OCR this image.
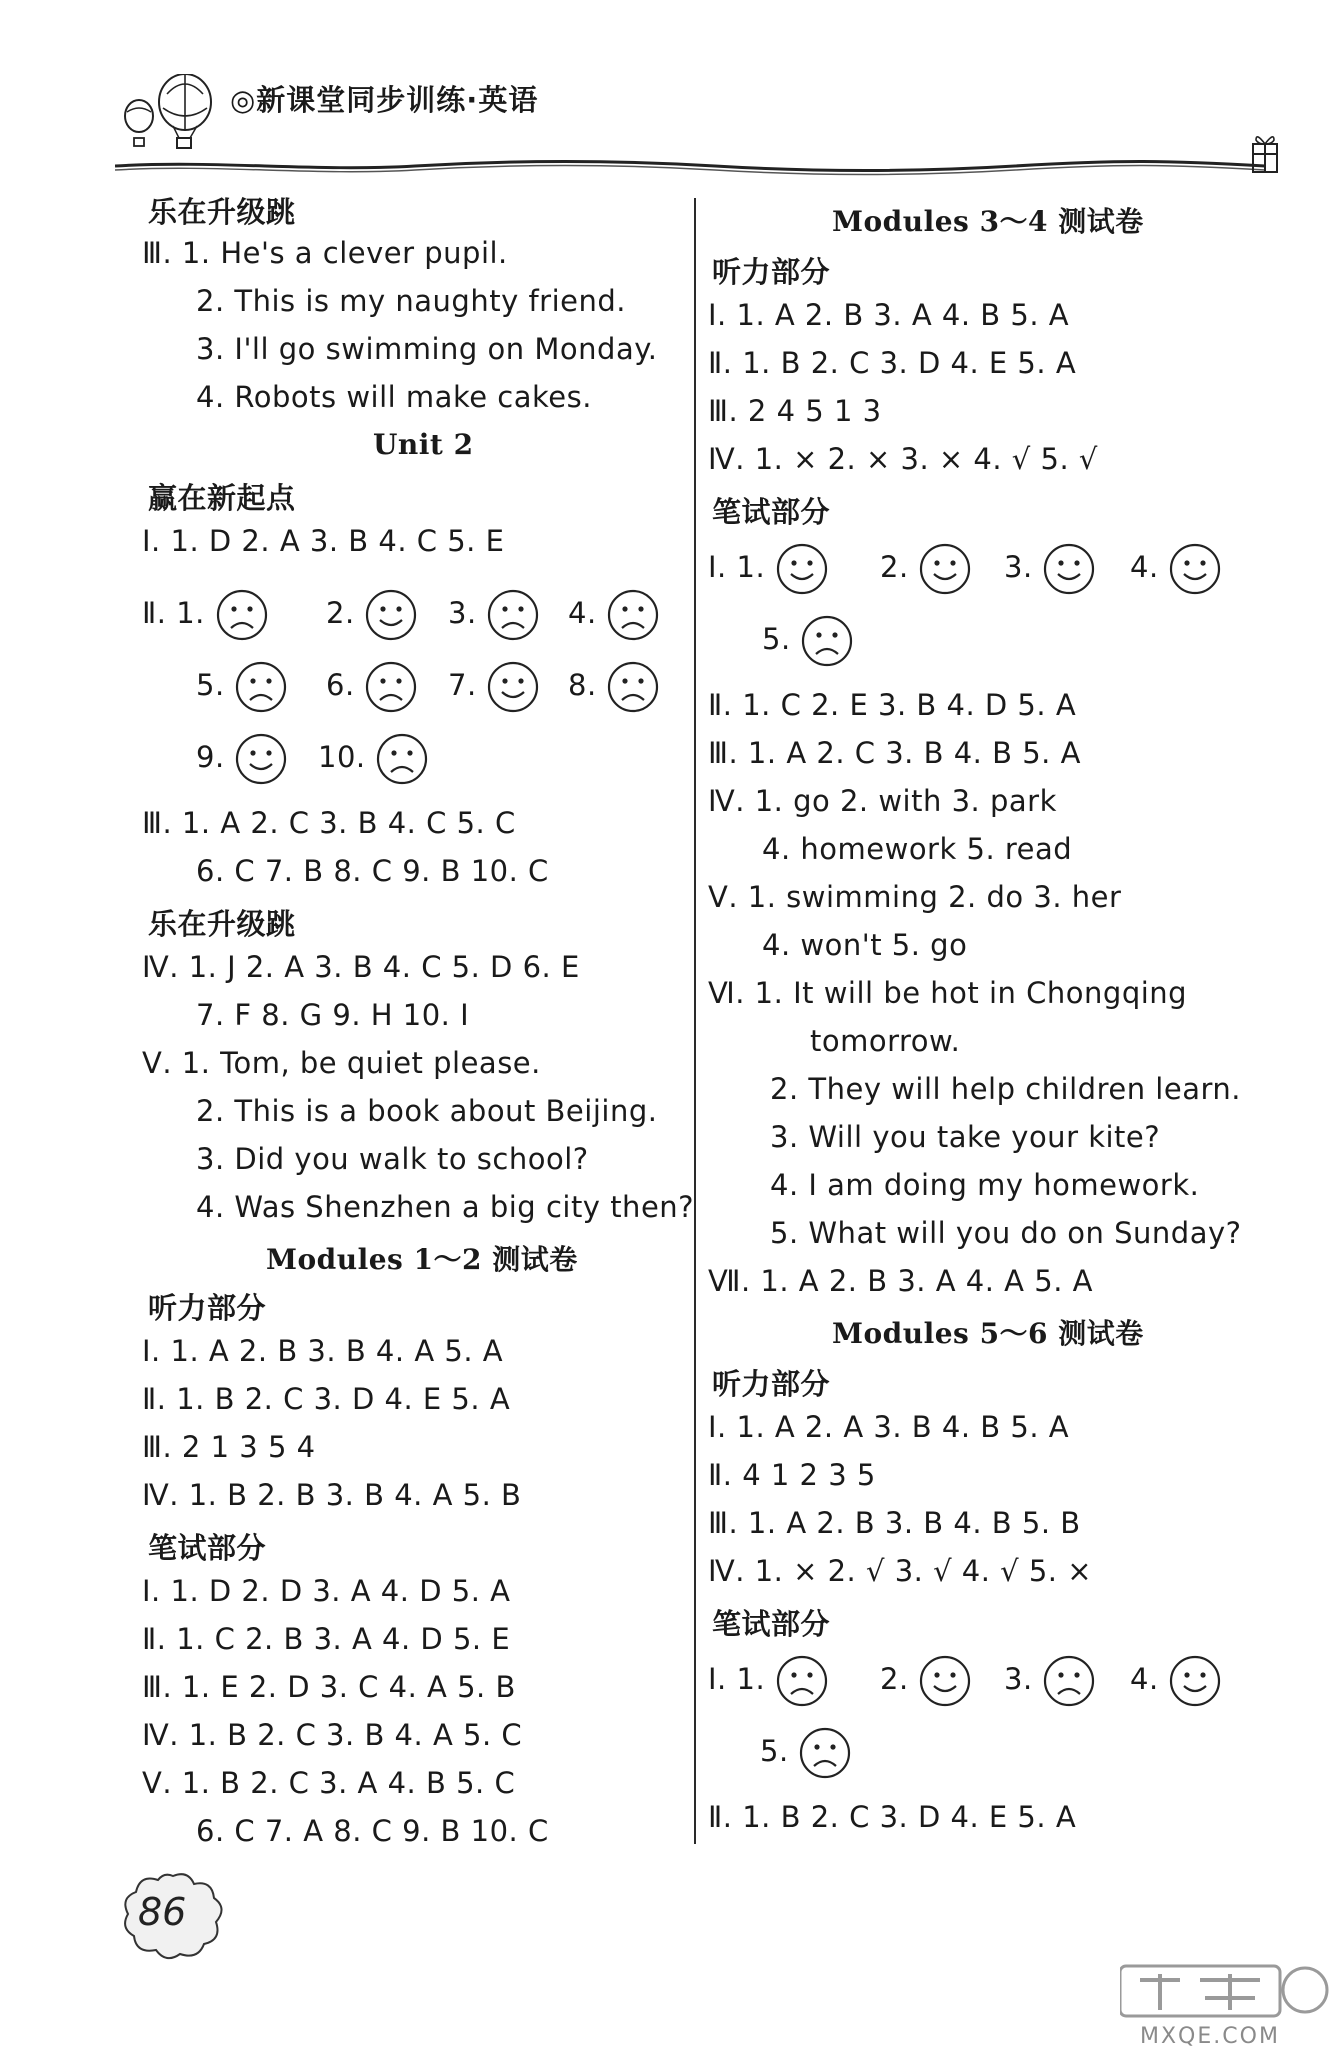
◎新课堂同步训练·英语
乐在升级跳
Ⅲ. 1. He's a clever pupil.
2. This is my naughty friend.
3. I'll go swimming on Monday.
4. Robots will make cakes.
Unit 2
赢在新起点
Ⅰ. 1. D 2. A 3. B 4. C 5. E
Ⅱ. 1.	2.	3.	4.
5.	6.	7.	8.
9.	10.
Ⅲ. 1. A 2. C 3. B 4. C 5. C
6. C 7. B 8. C 9. B 10. C
乐在升级跳
Ⅳ. 1. J 2. A 3. B 4. C 5. D 6. E
7. F 8. G 9. H 10. I
Ⅴ. 1. Tom, be quiet please.
2. This is a book about Beijing.
3. Did you walk to school?
4. Was Shenzhen a big city then?
Modules 1～2 测试卷
听力部分
Ⅰ. 1. A 2. B 3. B 4. A 5. A
Ⅱ. 1. B 2. C 3. D 4. E 5. A
Ⅲ. 2 1 3 5 4
Ⅳ. 1. B 2. B 3. B 4. A 5. B
笔试部分
Ⅰ. 1. D 2. D 3. A 4. D 5. A
Ⅱ. 1. C 2. B 3. A 4. D 5. E
Ⅲ. 1. E 2. D 3. C 4. A 5. B
Ⅳ. 1. B 2. C 3. B 4. A 5. C
Ⅴ. 1. B 2. C 3. A 4. B 5. C
6. C 7. A 8. C 9. B 10. C
Modules 3～4 测试卷
听力部分
Ⅰ. 1. A 2. B 3. A 4. B 5. A
Ⅱ. 1. B 2. C 3. D 4. E 5. A
Ⅲ. 2 4 5 1 3
Ⅳ. 1. × 2. × 3. × 4. √ 5. √
笔试部分
Ⅰ. 1.	2.	3.	4.
5.
Ⅱ. 1. C 2. E 3. B 4. D 5. A
Ⅲ. 1. A 2. C 3. B 4. B 5. A
Ⅳ. 1. go 2. with 3. park
4. homework 5. read
Ⅴ. 1. swimming 2. do 3. her
4. won't 5. go
Ⅵ. 1. It will be hot in Chongqing
tomorrow.
2. They will help children learn.
3. Will you take your kite?
4. I am doing my homework.
5. What will you do on Sunday?
Ⅶ. 1. A 2. B 3. A 4. A 5. A
Modules 5～6 测试卷
听力部分
Ⅰ. 1. A 2. A 3. B 4. B 5. A
Ⅱ. 4 1 2 3 5
Ⅲ. 1. A 2. B 3. B 4. B 5. B
Ⅳ. 1. × 2. √ 3. √ 4. √ 5. ×
笔试部分
Ⅰ. 1.	2.	3.	4.
5.
Ⅱ. 1. B 2. C 3. D 4. E 5. A
86
MXQE.COM
